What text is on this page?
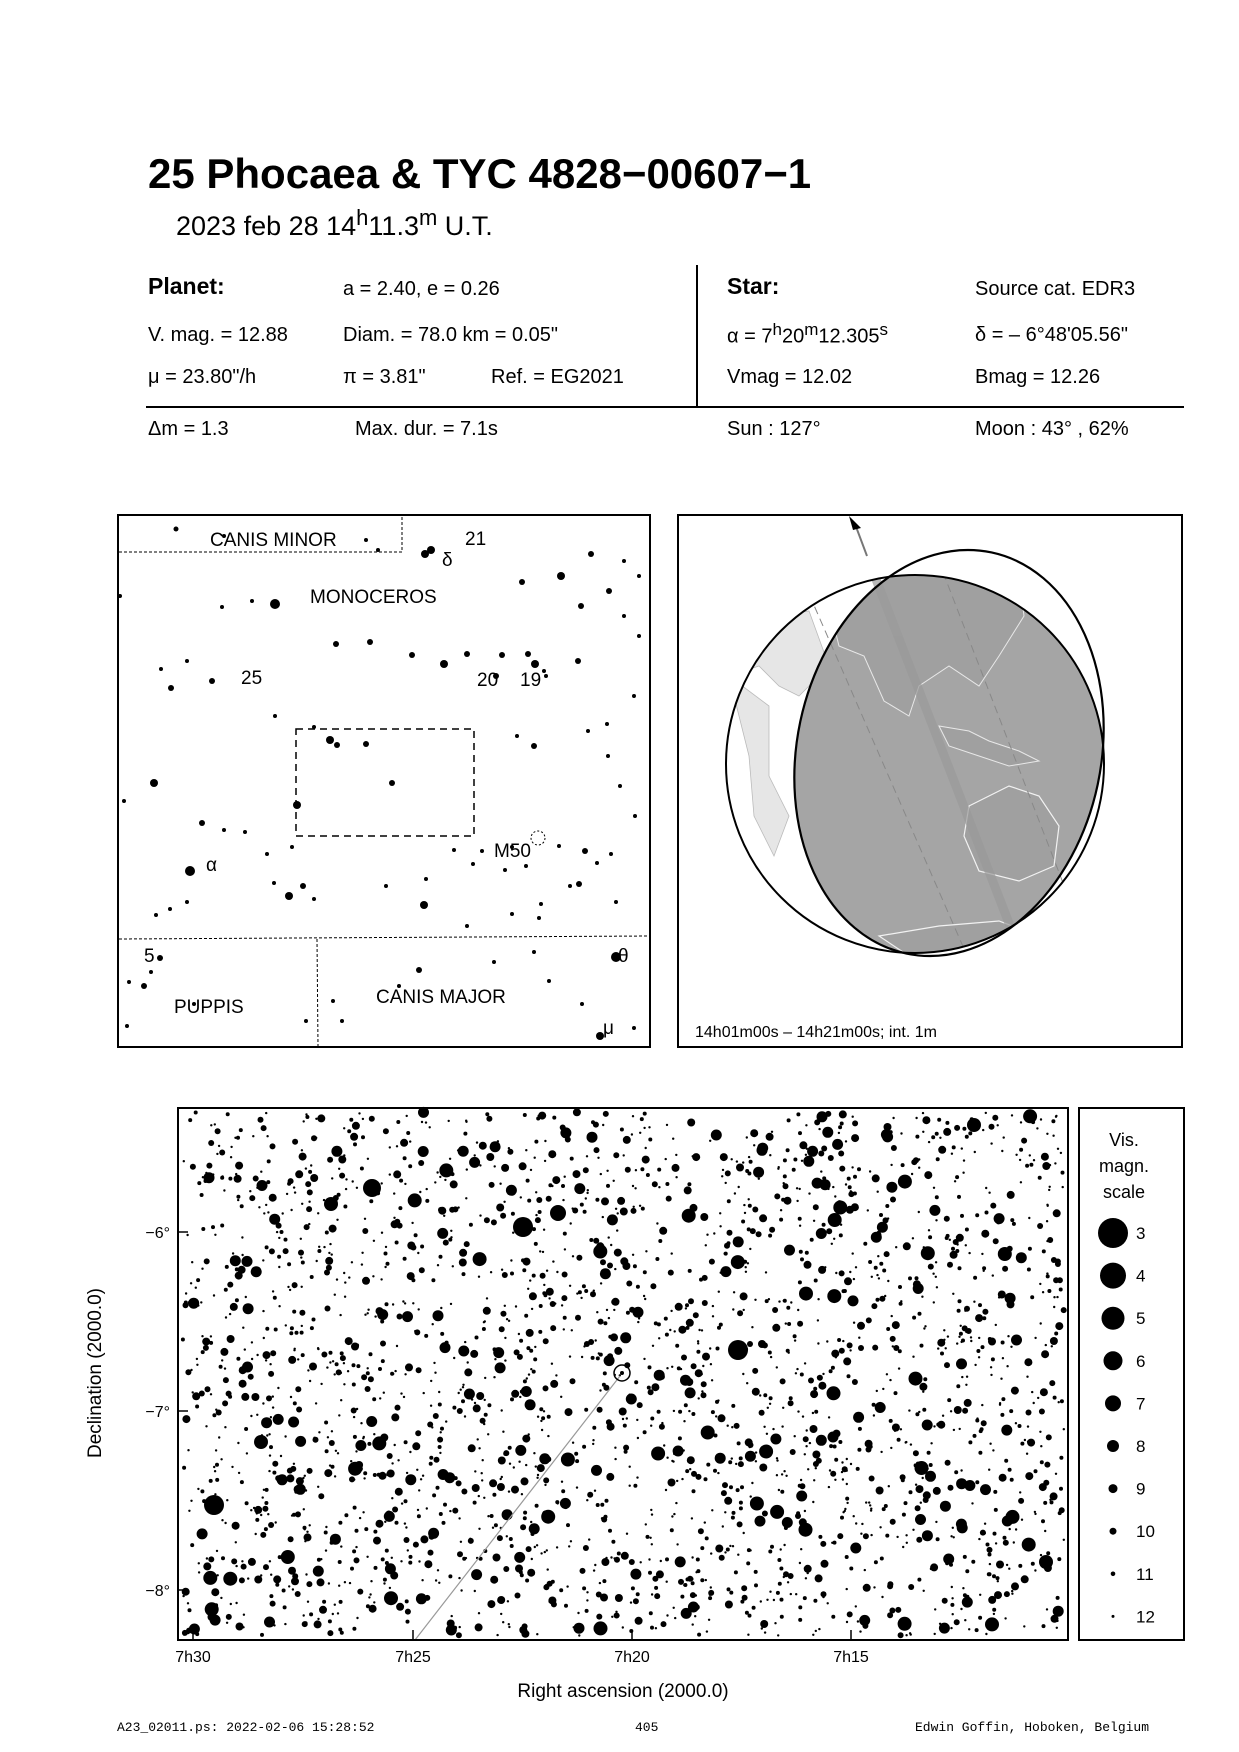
25 Phocaea & TYC 4828−00607−1
2023 feb 28 14$^h$11.3$^m$ U.T.
Planet:	a = 2.40, e = 0.26
V. mag. = 12.88	Diam. = 78.0 km = 0.05"
μ = 23.80"/h	π = 3.81"	Ref. = EG2021
Star:	Source cat. EDR3
$\alpha = 7^h20^m12.305^s$	δ = – 6°48'05.56"
Vmag = 12.02	Bmag = 12.26
Δm = 1.3	Max. dur. = 7.1s	Sun : 127°	Moon : 43° , 62%
CANIS MINOR
MONOCEROS
PUPPIS	CANIS MAJOR
21
δ
25	20 19
α
5	θ
μ
M50
14h01m00s – 14h21m00s; int. 1m
7h30	7h25	7h20	7h15
−6°
−7°
−8°
Right ascension (2000.0)
Declination (2000.0)
Vis.
magn.
scale
3
4
5
6
7
8
9
10
11
12
A23_02011.ps: 2022-02-06 15:28:52	405	Edwin Goffin, Hoboken, Belgium
